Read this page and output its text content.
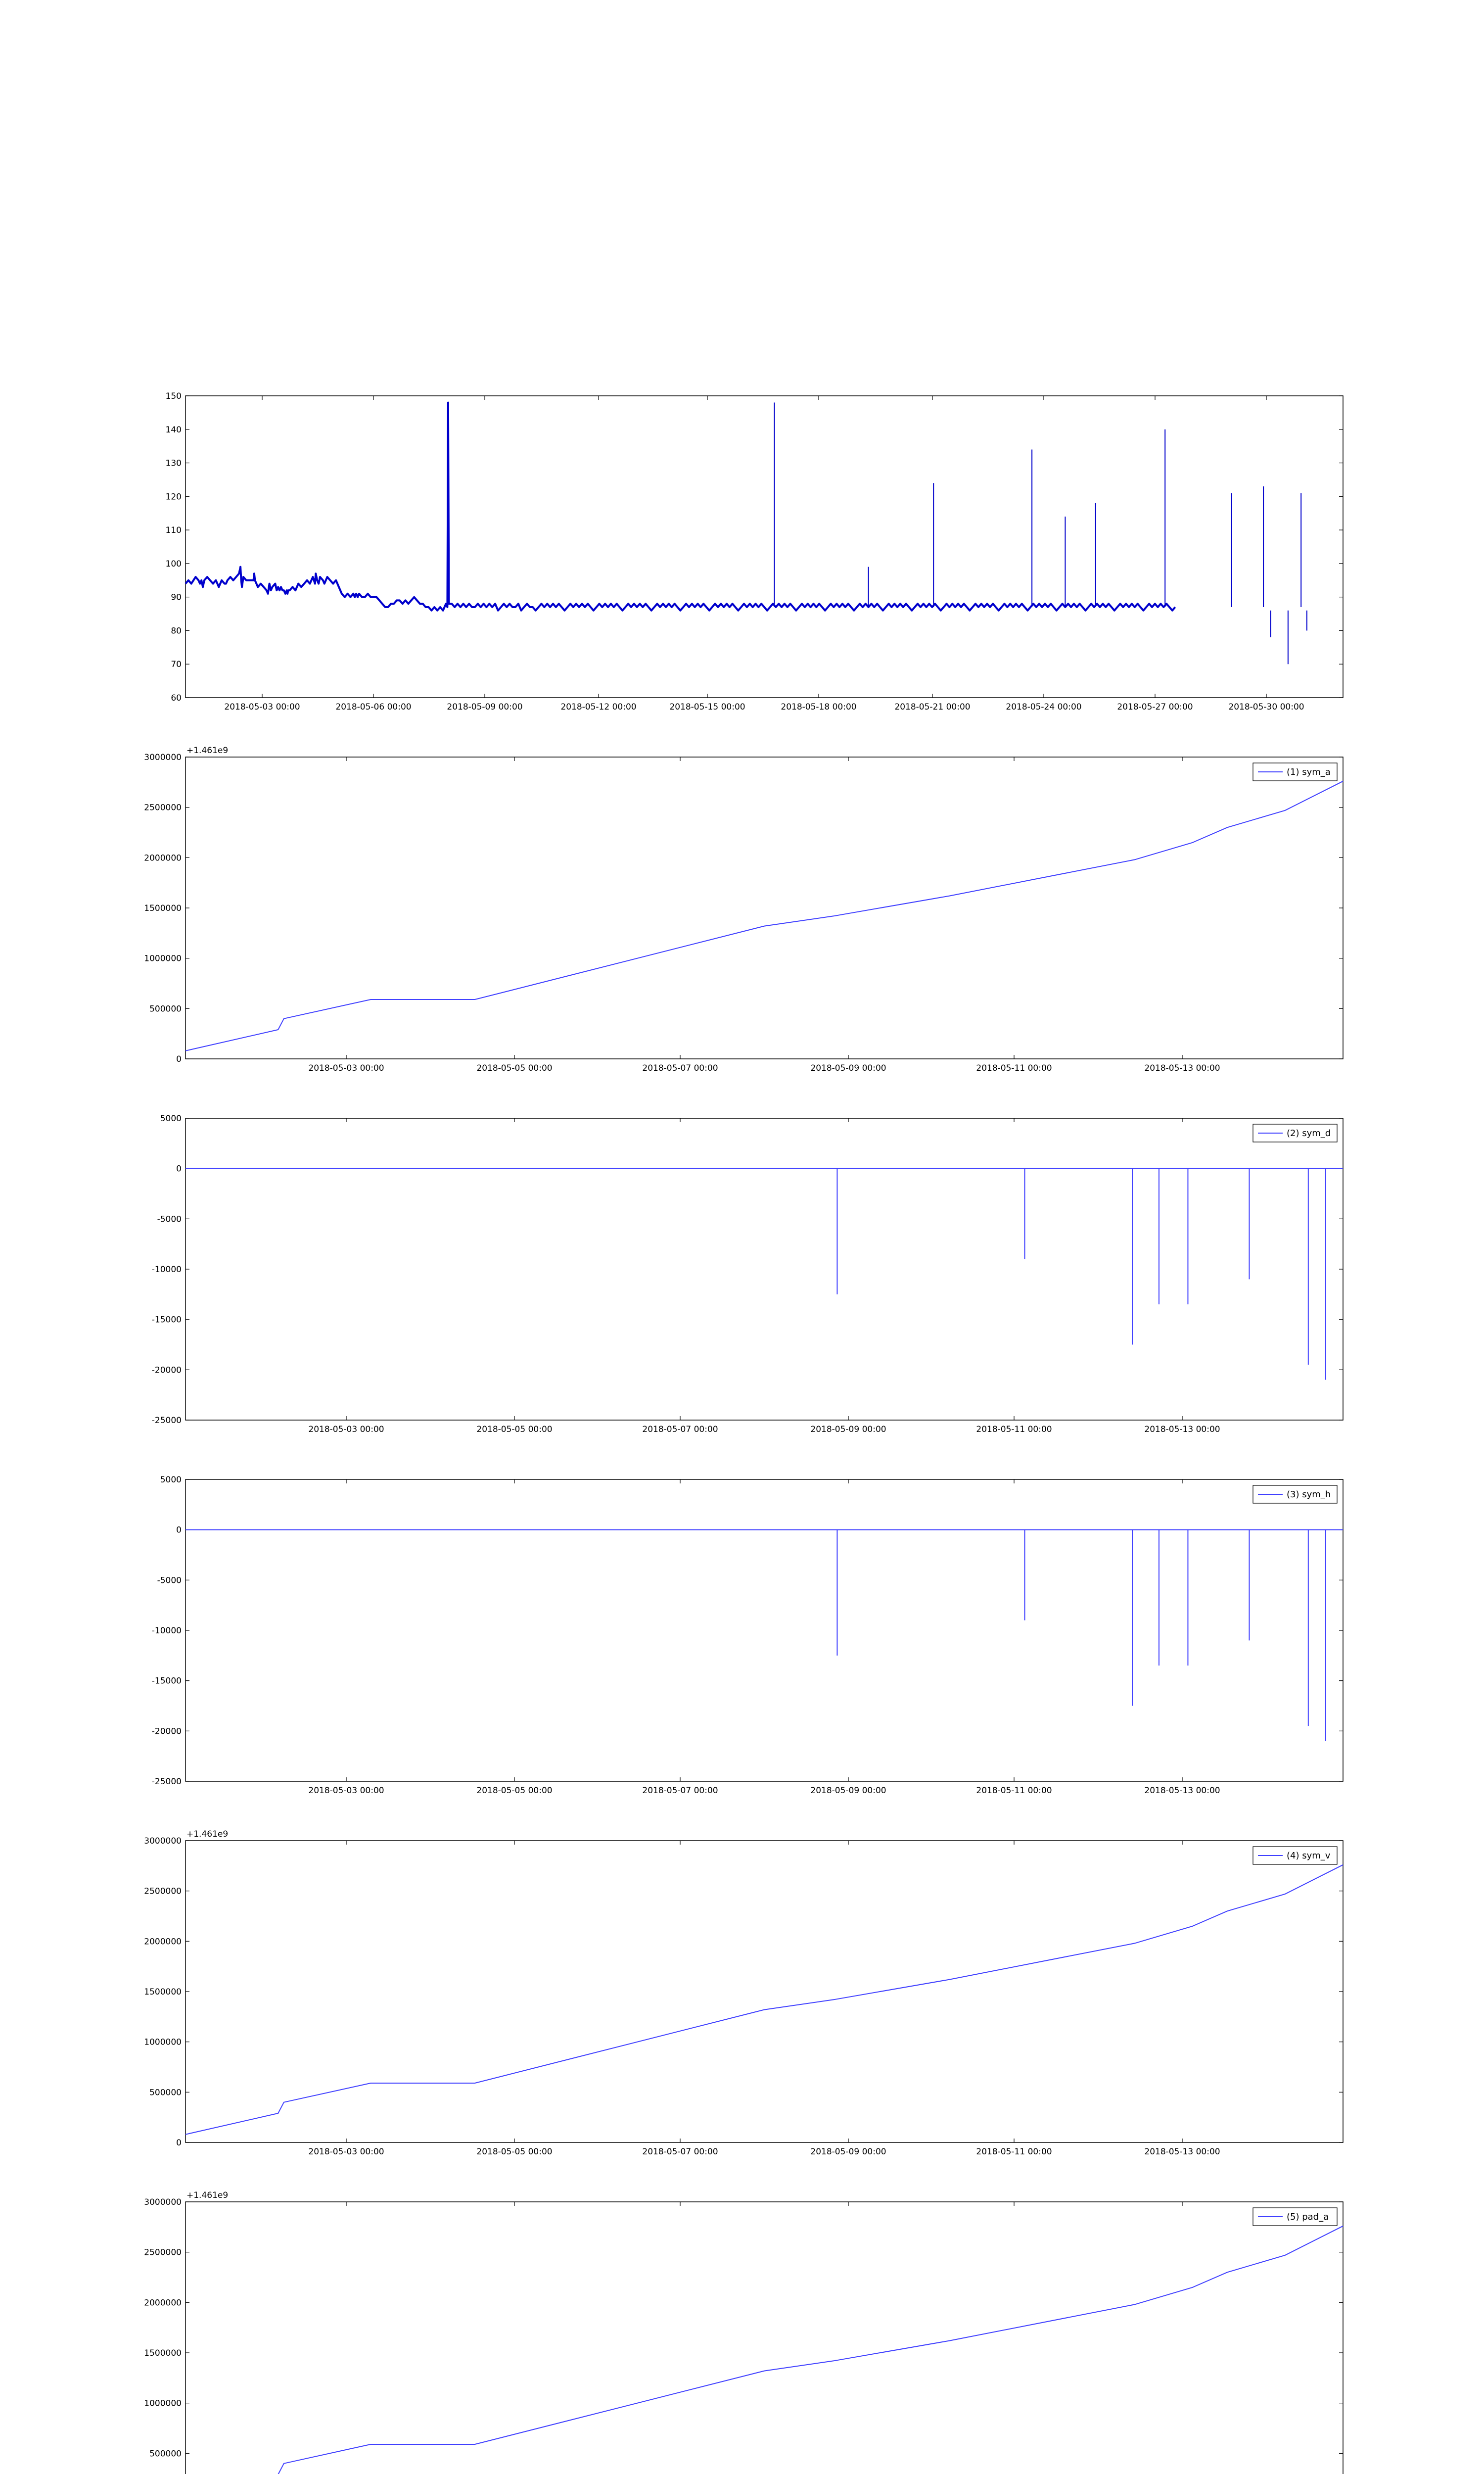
150
140
130
120
110
100
90
80
70
60
2018-05-03 00:00	2018-05-06 00:00	2018-05-09 00:00	2018-05-12 00:00	2018-05-15 00:00	2018-05-18 00:00	2018-05-21 00:00	2018-05-24 00:00	2018-05-27 00:00	2018-05-30 00:00
3000000
2500000
2000000
1500000
1000000
500000
0
2018-05-03 00:00	2018-05-05 00:00	2018-05-07 00:00	2018-05-09 00:00	2018-05-11 00:00	2018-05-13 00:00
+1.461e9
(1) sym_a
5000
0
-5000
-10000
-15000
-20000
-25000
2018-05-03 00:00	2018-05-05 00:00	2018-05-07 00:00	2018-05-09 00:00	2018-05-11 00:00	2018-05-13 00:00
(2) sym_d
5000
0
-5000
-10000
-15000
-20000
-25000
2018-05-03 00:00	2018-05-05 00:00	2018-05-07 00:00	2018-05-09 00:00	2018-05-11 00:00	2018-05-13 00:00
(3) sym_h
3000000
2500000
2000000
1500000
1000000
500000
0
2018-05-03 00:00	2018-05-05 00:00	2018-05-07 00:00	2018-05-09 00:00	2018-05-11 00:00	2018-05-13 00:00
+1.461e9
(4) sym_v
3000000
2500000
2000000
1500000
1000000
500000
+1.461e9
(5) pad_a
